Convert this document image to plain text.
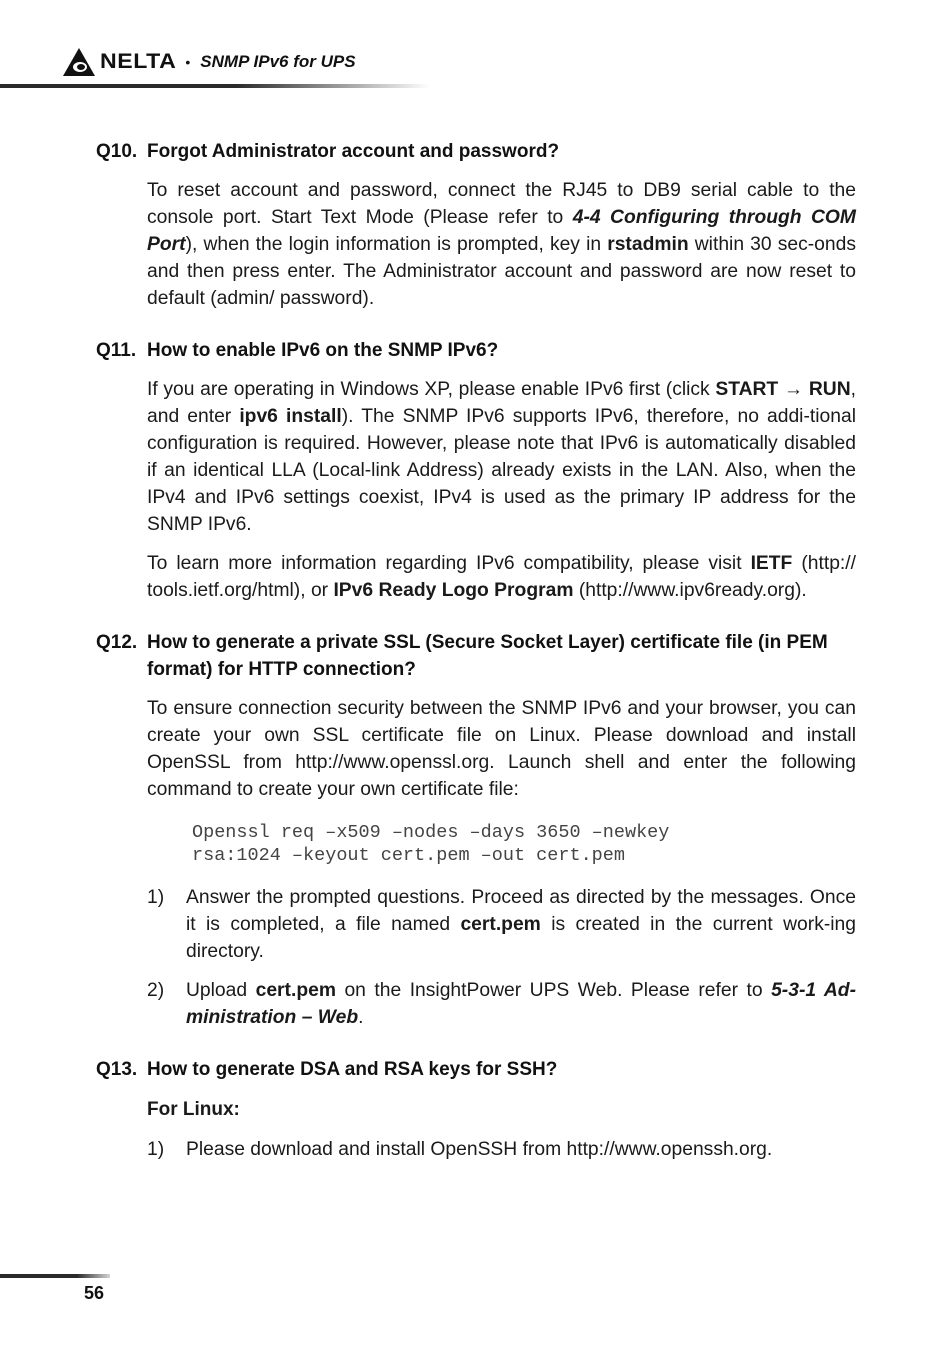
NELTA • SNMP IPv6 for UPS
Q10. Forgot Administrator account and password?
To reset account and password, connect the RJ45 to DB9 serial cable to the console port. Start Text Mode (Please refer to 4-4 Configuring through COM Port), when the login information is prompted, key in rstadmin within 30 sec-onds and then press enter. The Administrator account and password are now reset to default (admin/ password).
Q11. How to enable IPv6 on the SNMP IPv6?
If you are operating in Windows XP, please enable IPv6 first (click START → RUN, and enter ipv6 install). The SNMP IPv6 supports IPv6, therefore, no addi-tional configuration is required. However, please note that IPv6 is automatically disabled if an identical LLA (Local-link Address) already exists in the LAN. Also, when the IPv4 and IPv6 settings coexist, IPv4 is used as the primary IP address for the SNMP IPv6.
To learn more information regarding IPv6 compatibility, please visit IETF (http:// tools.ietf.org/html), or IPv6 Ready Logo Program (http://www.ipv6ready.org).
Q12. How to generate a private SSL (Secure Socket Layer) certificate file (in PEM format) for HTTP connection?
To ensure connection security between the SNMP IPv6 and your browser, you can create your own SSL certificate file on Linux. Please download and install OpenSSL from http://www.openssl.org. Launch shell and enter the following command to create your own certificate file:
Openssl req –x509 –nodes –days 3650 –newkey
rsa:1024 –keyout cert.pem –out cert.pem
1) Answer the prompted questions. Proceed as directed by the messages. Once it is completed, a file named cert.pem is created in the current work-ing directory.
2) Upload cert.pem on the InsightPower UPS Web. Please refer to 5-3-1 Ad-ministration – Web.
Q13. How to generate DSA and RSA keys for SSH?
For Linux:
1) Please download and install OpenSSH from http://www.openssh.org.
56
